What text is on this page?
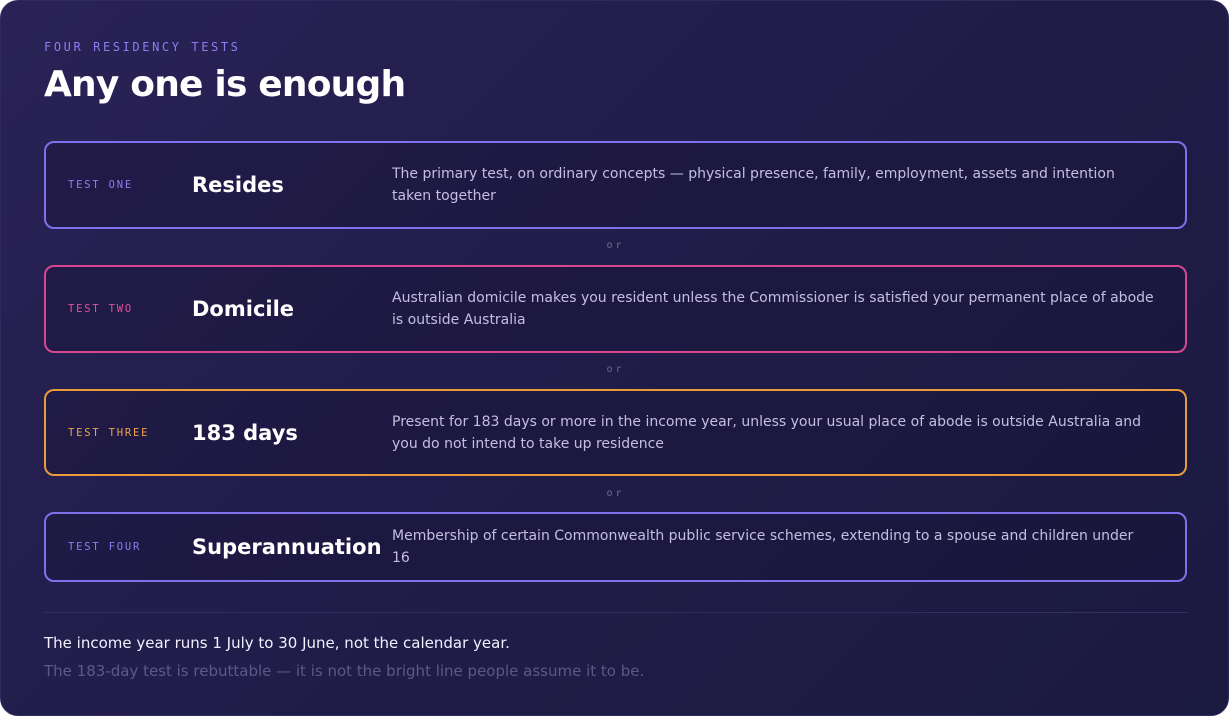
FOUR RESIDENCY TESTS
Any one is enough
TEST ONE	Resides	The primary test, on ordinary concepts — physical presence, family, employment, assets and intention taken together
or
TEST TWO	Domicile	Australian domicile makes you resident unless the Commissioner is satisfied your permanent place of abode is outside Australia
or
TEST THREE 183 days	Present for 183 days or more in the income year, unless your usual place of abode is outside Australia and you do not intend to take up residence
or
TEST FOUR Superannuation Membership of certain Commonwealth public service schemes, extending to a spouse and children under 16
The income year runs 1 July to 30 June, not the calendar year.
The 183-day test is rebuttable — it is not the bright line people assume it to be.
